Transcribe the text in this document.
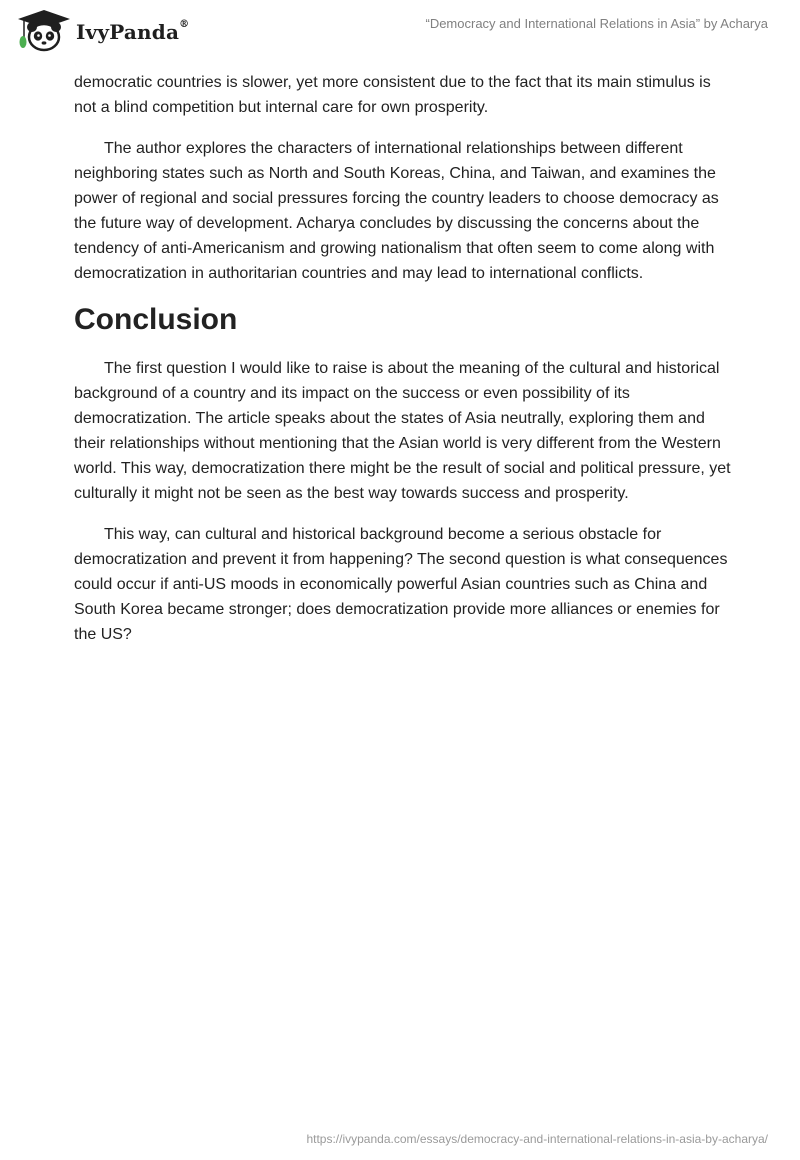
IvyPanda®	“Democracy and International Relations in Asia” by Acharya

democratic countries is slower, yet more consistent due to the fact that its main stimulus is not a blind competition but internal care for own prosperity.

The author explores the characters of international relationships between different neighboring states such as North and South Koreas, China, and Taiwan, and examines the power of regional and social pressures forcing the country leaders to choose democracy as the future way of development. Acharya concludes by discussing the concerns about the tendency of anti-Americanism and growing nationalism that often seem to come along with democratization in authoritarian countries and may lead to international conflicts.

Conclusion

The first question I would like to raise is about the meaning of the cultural and historical background of a country and its impact on the success or even possibility of its democratization. The article speaks about the states of Asia neutrally, exploring them and their relationships without mentioning that the Asian world is very different from the Western world. This way, democratization there might be the result of social and political pressure, yet culturally it might not be seen as the best way towards success and prosperity.

This way, can cultural and historical background become a serious obstacle for democratization and prevent it from happening? The second question is what consequences could occur if anti-US moods in economically powerful Asian countries such as China and South Korea became stronger; does democratization provide more alliances or enemies for the US?

https://ivypanda.com/essays/democracy-and-international-relations-in-asia-by-acharya/
